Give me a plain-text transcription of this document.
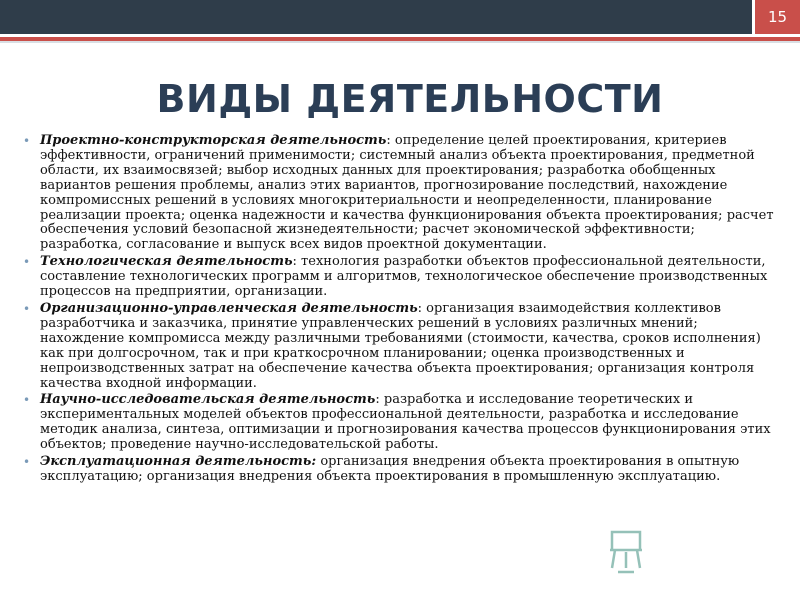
15
ВИДЫ ДЕЯТЕЛЬНОСТИ
• Проектно-конструкторская деятельность: определение целей проектирования, критериев эффективности, ограничений применимости; системный анализ объекта проектирования, предметной области, их взаимосвязей; выбор исходных данных для проектирования; разработка обобщенных вариантов решения проблемы, анализ этих вариантов, прогнозирование последствий, нахождение компромиссных решений в условиях многокритериальности и неопределенности, планирование реализации проекта; оценка надежности и качества функционирования объекта проектирования; расчет обеспечения условий безопасной жизнедеятельности; расчет экономической эффективности; разработка, согласование и выпуск всех видов проектной документации.
• Технологическая деятельность: технология разработки объектов профессиональной деятельности, составление технологических программ и алгоритмов, технологическое обеспечение производственных процессов на предприятии, организации.
• Организационно-управленческая деятельность: организация взаимодействия коллективов разработчика и заказчика, принятие управленческих решений в условиях различных мнений; нахождение компромисса между различными требованиями (стоимости, качества, сроков исполнения) как при долгосрочном, так и при краткосрочном планировании; оценка производственных и непроизводственных затрат на обеспечение качества объекта проектирования; организация контроля качества входной информации.
• Научно-исследовательская деятельность: разработка и исследование теоретических и экспериментальных моделей объектов профессиональной деятельности, разработка и исследование методик анализа, синтеза, оптимизации и прогнозирования качества процессов функционирования этих объектов; проведение научно-исследовательской работы.
• Эксплуатационная деятельность: организация внедрения объекта проектирования в опытную эксплуатацию; организация внедрения объекта проектирования в промышленную эксплуатацию.
